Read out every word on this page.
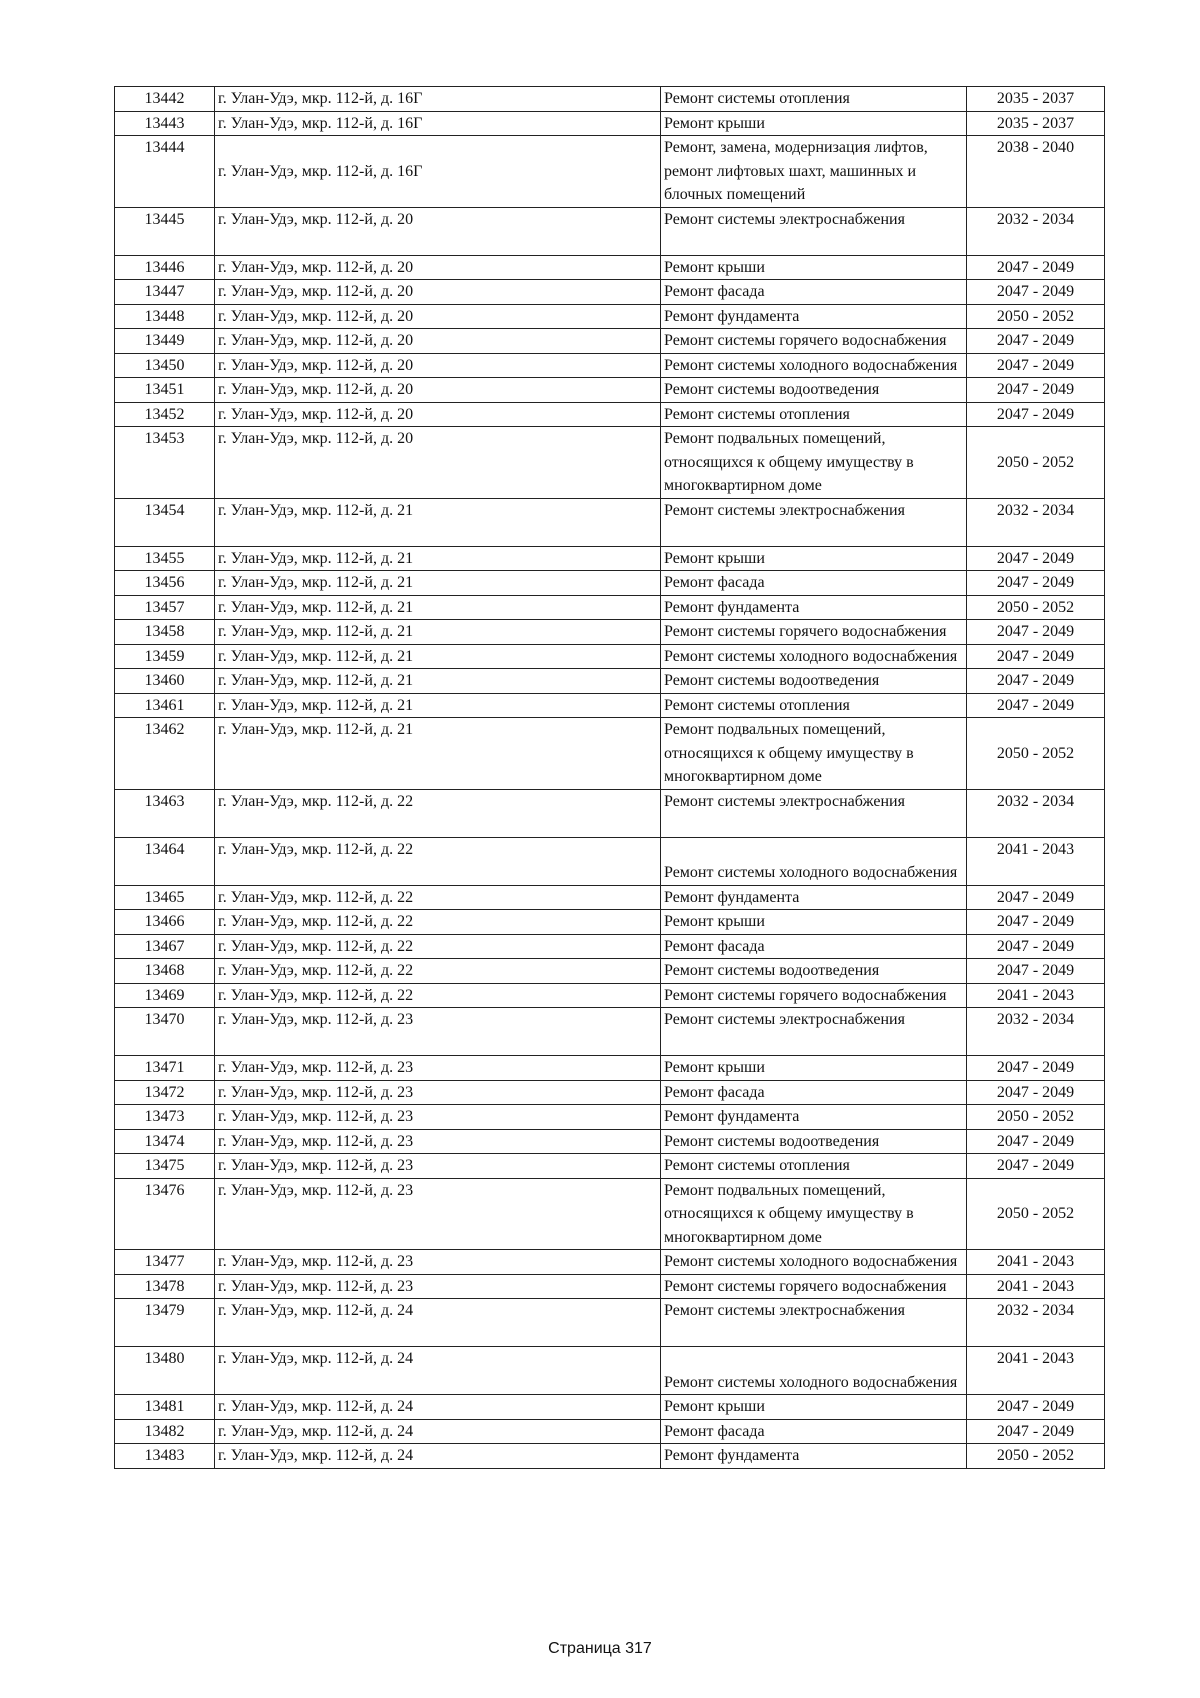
13442	г. Улан-Удэ, мкр. 112-й, д. 16Г	Ремонт системы отопления	2035 - 2037
13443	г. Улан-Удэ, мкр. 112-й, д. 16Г	Ремонт крыши	2035 - 2037
13444	г. Улан-Удэ, мкр. 112-й, д. 16Г	Ремонт, замена, модернизация лифтов, ремонт лифтовых шахт, машинных и блочных помещений	2038 - 2040
13445	г. Улан-Удэ, мкр. 112-й, д. 20	Ремонт системы электроснабжения	2032 - 2034
13446	г. Улан-Удэ, мкр. 112-й, д. 20	Ремонт крыши	2047 - 2049
13447	г. Улан-Удэ, мкр. 112-й, д. 20	Ремонт фасада	2047 - 2049
13448	г. Улан-Удэ, мкр. 112-й, д. 20	Ремонт фундамента	2050 - 2052
13449	г. Улан-Удэ, мкр. 112-й, д. 20	Ремонт системы горячего водоснабжения	2047 - 2049
13450	г. Улан-Удэ, мкр. 112-й, д. 20	Ремонт системы холодного водоснабжения	2047 - 2049
13451	г. Улан-Удэ, мкр. 112-й, д. 20	Ремонт системы водоотведения	2047 - 2049
13452	г. Улан-Удэ, мкр. 112-й, д. 20	Ремонт системы отопления	2047 - 2049
13453	г. Улан-Удэ, мкр. 112-й, д. 20	Ремонт подвальных помещений, относящихся к общему имуществу в многоквартирном доме	2050 - 2052
13454	г. Улан-Удэ, мкр. 112-й, д. 21	Ремонт системы электроснабжения	2032 - 2034
13455	г. Улан-Удэ, мкр. 112-й, д. 21	Ремонт крыши	2047 - 2049
13456	г. Улан-Удэ, мкр. 112-й, д. 21	Ремонт фасада	2047 - 2049
13457	г. Улан-Удэ, мкр. 112-й, д. 21	Ремонт фундамента	2050 - 2052
13458	г. Улан-Удэ, мкр. 112-й, д. 21	Ремонт системы горячего водоснабжения	2047 - 2049
13459	г. Улан-Удэ, мкр. 112-й, д. 21	Ремонт системы холодного водоснабжения	2047 - 2049
13460	г. Улан-Удэ, мкр. 112-й, д. 21	Ремонт системы водоотведения	2047 - 2049
13461	г. Улан-Удэ, мкр. 112-й, д. 21	Ремонт системы отопления	2047 - 2049
13462	г. Улан-Удэ, мкр. 112-й, д. 21	Ремонт подвальных помещений, относящихся к общему имуществу в многоквартирном доме	2050 - 2052
13463	г. Улан-Удэ, мкр. 112-й, д. 22	Ремонт системы электроснабжения	2032 - 2034
13464	г. Улан-Удэ, мкр. 112-й, д. 22	Ремонт системы холодного водоснабжения	2041 - 2043
13465	г. Улан-Удэ, мкр. 112-й, д. 22	Ремонт фундамента	2047 - 2049
13466	г. Улан-Удэ, мкр. 112-й, д. 22	Ремонт крыши	2047 - 2049
13467	г. Улан-Удэ, мкр. 112-й, д. 22	Ремонт фасада	2047 - 2049
13468	г. Улан-Удэ, мкр. 112-й, д. 22	Ремонт системы водоотведения	2047 - 2049
13469	г. Улан-Удэ, мкр. 112-й, д. 22	Ремонт системы горячего водоснабжения	2041 - 2043
13470	г. Улан-Удэ, мкр. 112-й, д. 23	Ремонт системы электроснабжения	2032 - 2034
13471	г. Улан-Удэ, мкр. 112-й, д. 23	Ремонт крыши	2047 - 2049
13472	г. Улан-Удэ, мкр. 112-й, д. 23	Ремонт фасада	2047 - 2049
13473	г. Улан-Удэ, мкр. 112-й, д. 23	Ремонт фундамента	2050 - 2052
13474	г. Улан-Удэ, мкр. 112-й, д. 23	Ремонт системы водоотведения	2047 - 2049
13475	г. Улан-Удэ, мкр. 112-й, д. 23	Ремонт системы отопления	2047 - 2049
13476	г. Улан-Удэ, мкр. 112-й, д. 23	Ремонт подвальных помещений, относящихся к общему имуществу в многоквартирном доме	2050 - 2052
13477	г. Улан-Удэ, мкр. 112-й, д. 23	Ремонт системы холодного водоснабжения	2041 - 2043
13478	г. Улан-Удэ, мкр. 112-й, д. 23	Ремонт системы горячего водоснабжения	2041 - 2043
13479	г. Улан-Удэ, мкр. 112-й, д. 24	Ремонт системы электроснабжения	2032 - 2034
13480	г. Улан-Удэ, мкр. 112-й, д. 24	Ремонт системы холодного водоснабжения	2041 - 2043
13481	г. Улан-Удэ, мкр. 112-й, д. 24	Ремонт крыши	2047 - 2049
13482	г. Улан-Удэ, мкр. 112-й, д. 24	Ремонт фасада	2047 - 2049
13483	г. Улан-Удэ, мкр. 112-й, д. 24	Ремонт фундамента	2050 - 2052
Страница 317
